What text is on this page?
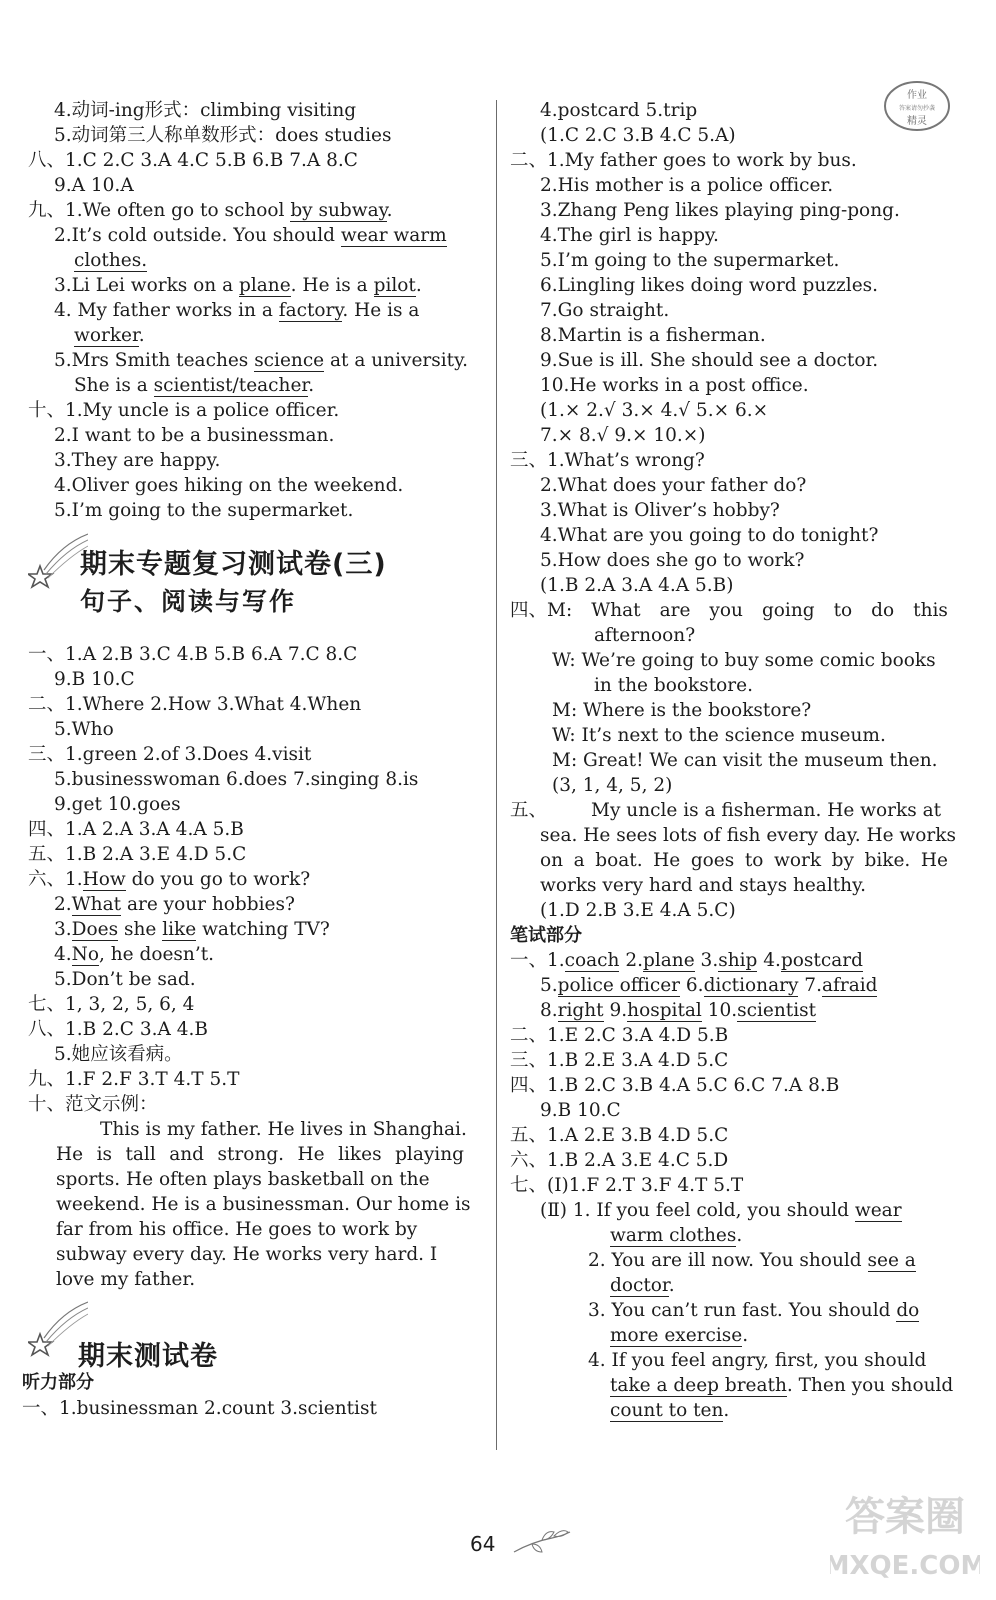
作业
答案请勿抄袭
精灵
4.动词-ing形式：climbing visiting
5.动词第三人称单数形式：does studies
八、1.C 2.C 3.A 4.C 5.B 6.B 7.A 8.C
9.A 10.A
九、1.We often go to school by subway.
2.It’s cold outside. You should wear warm
clothes.
3.Li Lei works on a plane. He is a pilot.
4. My father works in a factory. He is a
worker.
5.Mrs Smith teaches science at a university.
She is a scientist/teacher.
十、1.My uncle is a police officer.
2.I want to be a businessman.
3.They are happy.
4.Oliver goes hiking on the weekend.
5.I’m going to the supermarket.
期末专题复习测试卷(三)
句子、阅读与写作
一、1.A 2.B 3.C 4.B 5.B 6.A 7.C 8.C
9.B 10.C
二、1.Where 2.How 3.What 4.When
5.Who
三、1.green 2.of 3.Does 4.visit
5.businesswoman 6.does 7.singing 8.is
9.get 10.goes
四、1.A 2.A 3.A 4.A 5.B
五、1.B 2.A 3.E 4.D 5.C
六、1.How do you go to work?
2.What are your hobbies?
3.Does she like watching TV?
4.No, he doesn’t.
5.Don’t be sad.
七、1, 3, 2, 5, 6, 4
八、1.B 2.C 3.A 4.B
5.她应该看病。
九、1.F 2.F 3.T 4.T 5.T
十、范文示例：
This is my father. He lives in Shanghai.
He is tall and strong. He likes playing
sports. He often plays basketball on the
weekend. He is a businessman. Our home is
far from his office. He goes to work by
subway every day. He works very hard. I
love my father.
期末测试卷
听力部分
一、1.businessman 2.count 3.scientist
4.postcard 5.trip
(1.C 2.C 3.B 4.C 5.A)
二、1.My father goes to work by bus.
2.His mother is a police officer.
3.Zhang Peng likes playing ping-pong.
4.The girl is happy.
5.I’m going to the supermarket.
6.Lingling likes doing word puzzles.
7.Go straight.
8.Martin is a fisherman.
9.Sue is ill. She should see a doctor.
10.He works in a post office.
(1.× 2.√ 3.× 4.√ 5.× 6.×
7.× 8.√ 9.× 10.×)
三、1.What’s wrong?
2.What does your father do?
3.What is Oliver’s hobby?
4.What are you going to do tonight?
5.How does she go to work?
(1.B 2.A 3.A 4.A 5.B)
四、M: What are you going to do this
afternoon?
W: We’re going to buy some comic books
in the bookstore.
M: Where is the bookstore?
W: It’s next to the science museum.
M: Great! We can visit the museum then.
(3, 1, 4, 5, 2)
五、 My uncle is a fisherman. He works at
sea. He sees lots of fish every day. He works
on a boat. He goes to work by bike. He
works very hard and stays healthy.
(1.D 2.B 3.E 4.A 5.C)
笔试部分
一、1.coach 2.plane 3.ship 4.postcard
5.police officer 6.dictionary 7.afraid
8.right 9.hospital 10.scientist
二、1.E 2.C 3.A 4.D 5.B
三、1.B 2.E 3.A 4.D 5.C
四、1.B 2.C 3.B 4.A 5.C 6.C 7.A 8.B
9.B 10.C
五、1.A 2.E 3.B 4.D 5.C
六、1.B 2.A 3.E 4.C 5.D
七、(Ⅰ)1.F 2.T 3.F 4.T 5.T
(Ⅱ) 1. If you feel cold, you should wear
warm clothes.
2. You are ill now. You should see a
doctor.
3. You can’t run fast. You should do
more exercise.
4. If you feel angry, first, you should
take a deep breath. Then you should
count to ten.
64
答案圈
MXQE.COM
